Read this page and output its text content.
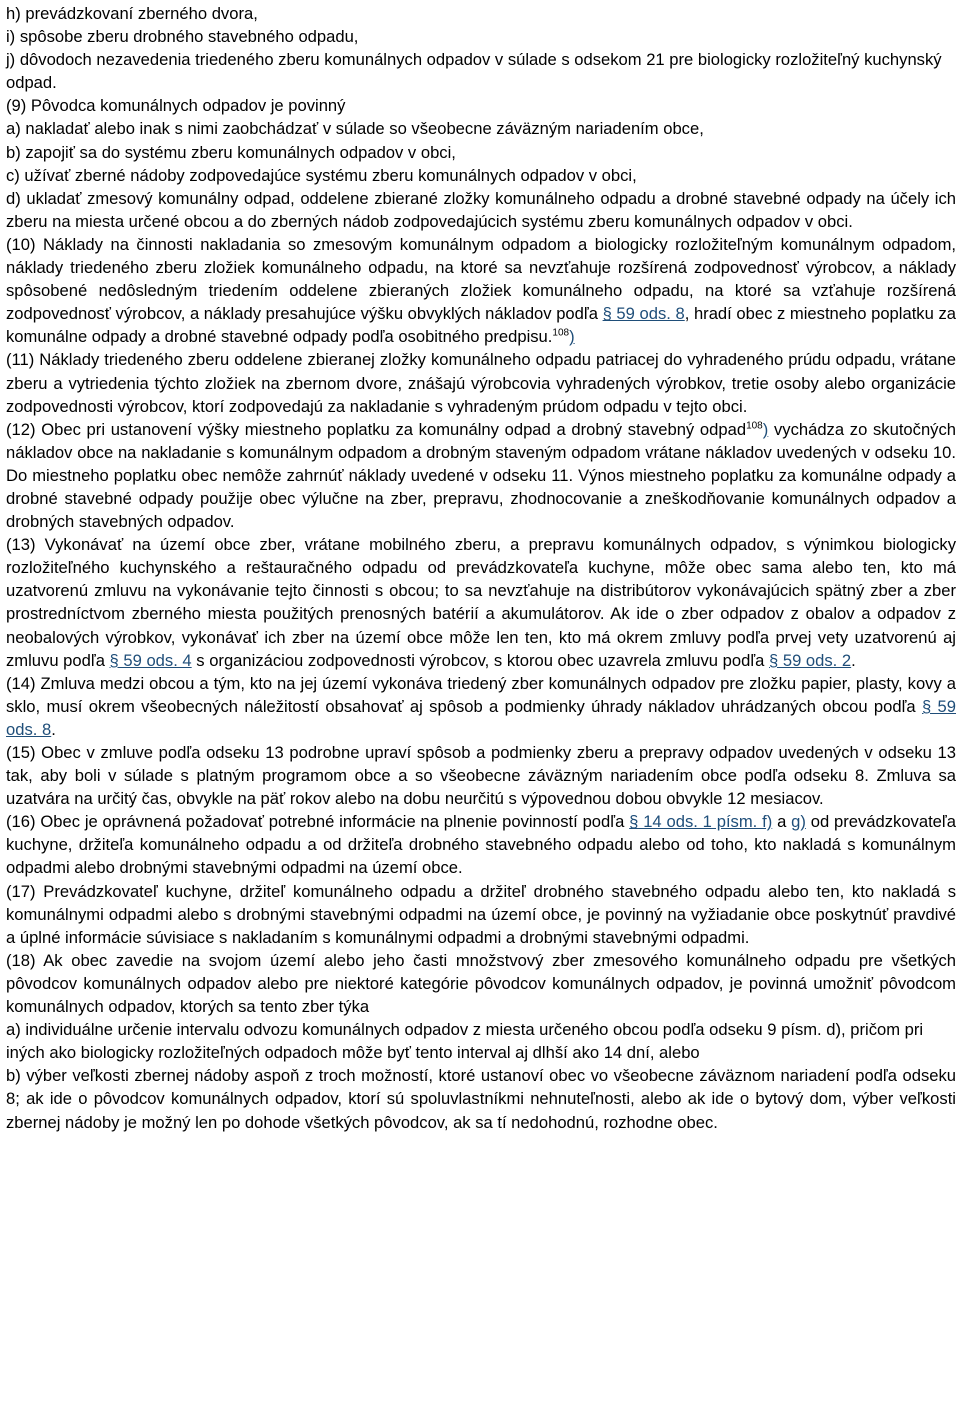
h) prevádzkovaní zberného dvora,

i) spôsobe zberu drobného stavebného odpadu,

j) dôvodoch nezavedenia triedeného zberu komunálnych odpadov v súlade s odsekom 21 pre biologicky rozložiteľný kuchynský odpad.

(9) Pôvodca komunálnych odpadov je povinný

a) nakladať alebo inak s nimi zaobchádzať v súlade so všeobecne záväzným nariadením obce,

b) zapojiť sa do systému zberu komunálnych odpadov v obci,

c) užívať zberné nádoby zodpovedajúce systému zberu komunálnych odpadov v obci,

d) ukladať zmesový komunálny odpad, oddelene zbierané zložky komunálneho odpadu a drobné stavebné odpady na účely ich zberu na miesta určené obcou a do zberných nádob zodpovedajúcich systému zberu komunálnych odpadov v obci.

(10) Náklady na činnosti nakladania so zmesovým komunálnym odpadom a biologicky rozložiteľným komunálnym odpadom, náklady triedeného zberu zložiek komunálneho odpadu, na ktoré sa nevzťahuje rozšírená zodpovednosť výrobcov, a náklady spôsobené nedôsledným triedením oddelene zbieraných zložiek komunálneho odpadu, na ktoré sa vzťahuje rozšírená zodpovednosť výrobcov, a náklady presahujúce výšku obvyklých nákladov podľa § 59 ods. 8, hradí obec z miestneho poplatku za komunálne odpady a drobné stavebné odpady podľa osobitného predpisu.$^{108}$)

(11) Náklady triedeného zberu oddelene zbieranej zložky komunálneho odpadu patriacej do vyhradeného prúdu odpadu, vrátane zberu a vytriedenia týchto zložiek na zbernom dvore, znášajú výrobcovia vyhradených výrobkov, tretie osoby alebo organizácie zodpovednosti výrobcov, ktorí zodpovedajú za nakladanie s vyhradeným prúdom odpadu v tejto obci.

(12) Obec pri ustanovení výšky miestneho poplatku za komunálny odpad a drobný stavebný odpad$^{108}$) vychádza zo skutočných nákladov obce na nakladanie s komunálnym odpadom a drobným staveným odpadom vrátane nákladov uvedených v odseku 10. Do miestneho poplatku obec nemôže zahrnúť náklady uvedené v odseku 11. Výnos miestneho poplatku za komunálne odpady a drobné stavebné odpady použije obec výlučne na zber, prepravu, zhodnocovanie a zneškodňovanie komunálnych odpadov a drobných stavebných odpadov.

(13) Vykonávať na území obce zber, vrátane mobilného zberu, a prepravu komunálnych odpadov, s výnimkou biologicky rozložiteľného kuchynského a reštauračného odpadu od prevádzkovateľa kuchyne, môže obec sama alebo ten, kto má uzatvorenú zmluvu na vykonávanie tejto činnosti s obcou; to sa nevzťahuje na distribútorov vykonávajúcich spätný zber a zber prostredníctvom zberného miesta použitých prenosných batérií a akumulátorov. Ak ide o zber odpadov z obalov a odpadov z neobalových výrobkov, vykonávať ich zber na území obce môže len ten, kto má okrem zmluvy podľa prvej vety uzatvorenú aj zmluvu podľa § 59 ods. 4 s organizáciou zodpovednosti výrobcov, s ktorou obec uzavrela zmluvu podľa § 59 ods. 2.

(14) Zmluva medzi obcou a tým, kto na jej území vykonáva triedený zber komunálnych odpadov pre zložku papier, plasty, kovy a sklo, musí okrem všeobecných náležitostí obsahovať aj spôsob a podmienky úhrady nákladov uhrádzaných obcou podľa § 59 ods. 8.

(15) Obec v zmluve podľa odseku 13 podrobne upraví spôsob a podmienky zberu a prepravy odpadov uvedených v odseku 13 tak, aby boli v súlade s platným programom obce a so všeobecne záväzným nariadením obce podľa odseku 8. Zmluva sa uzatvára na určitý čas, obvykle na päť rokov alebo na dobu neurčitú s výpovednou dobou obvykle 12 mesiacov.

(16) Obec je oprávnená požadovať potrebné informácie na plnenie povinností podľa § 14 ods. 1 písm. f) a g) od prevádzkovateľa kuchyne, držiteľa komunálneho odpadu a od držiteľa drobného stavebného odpadu alebo od toho, kto nakladá s komunálnym odpadmi alebo drobnými stavebnými odpadmi na území obce.

(17) Prevádzkovateľ kuchyne, držiteľ komunálneho odpadu a držiteľ drobného stavebného odpadu alebo ten, kto nakladá s komunálnymi odpadmi alebo s drobnými stavebnými odpadmi na území obce, je povinný na vyžiadanie obce poskytnúť pravdivé a úplné informácie súvisiace s nakladaním s komunálnymi odpadmi a drobnými stavebnými odpadmi.

(18) Ak obec zavedie na svojom území alebo jeho časti množstvový zber zmesového komunálneho odpadu pre všetkých pôvodcov komunálnych odpadov alebo pre niektoré kategórie pôvodcov komunálnych odpadov, je povinná umožniť pôvodcom komunálnych odpadov, ktorých sa tento zber týka

a) individuálne určenie intervalu odvozu komunálnych odpadov z miesta určeného obcou podľa odseku 9 písm. d), pričom pri iných ako biologicky rozložiteľných odpadoch môže byť tento interval aj dlhší ako 14 dní, alebo

b) výber veľkosti zbernej nádoby aspoň z troch možností, ktoré ustanoví obec vo všeobecne záväznom nariadení podľa odseku 8; ak ide o pôvodcov komunálnych odpadov, ktorí sú spoluvlastníkmi nehnuteľnosti, alebo ak ide o bytový dom, výber veľkosti zbernej nádoby je možný len po dohode všetkých pôvodcov, ak sa tí nedohodnú, rozhodne obec.
